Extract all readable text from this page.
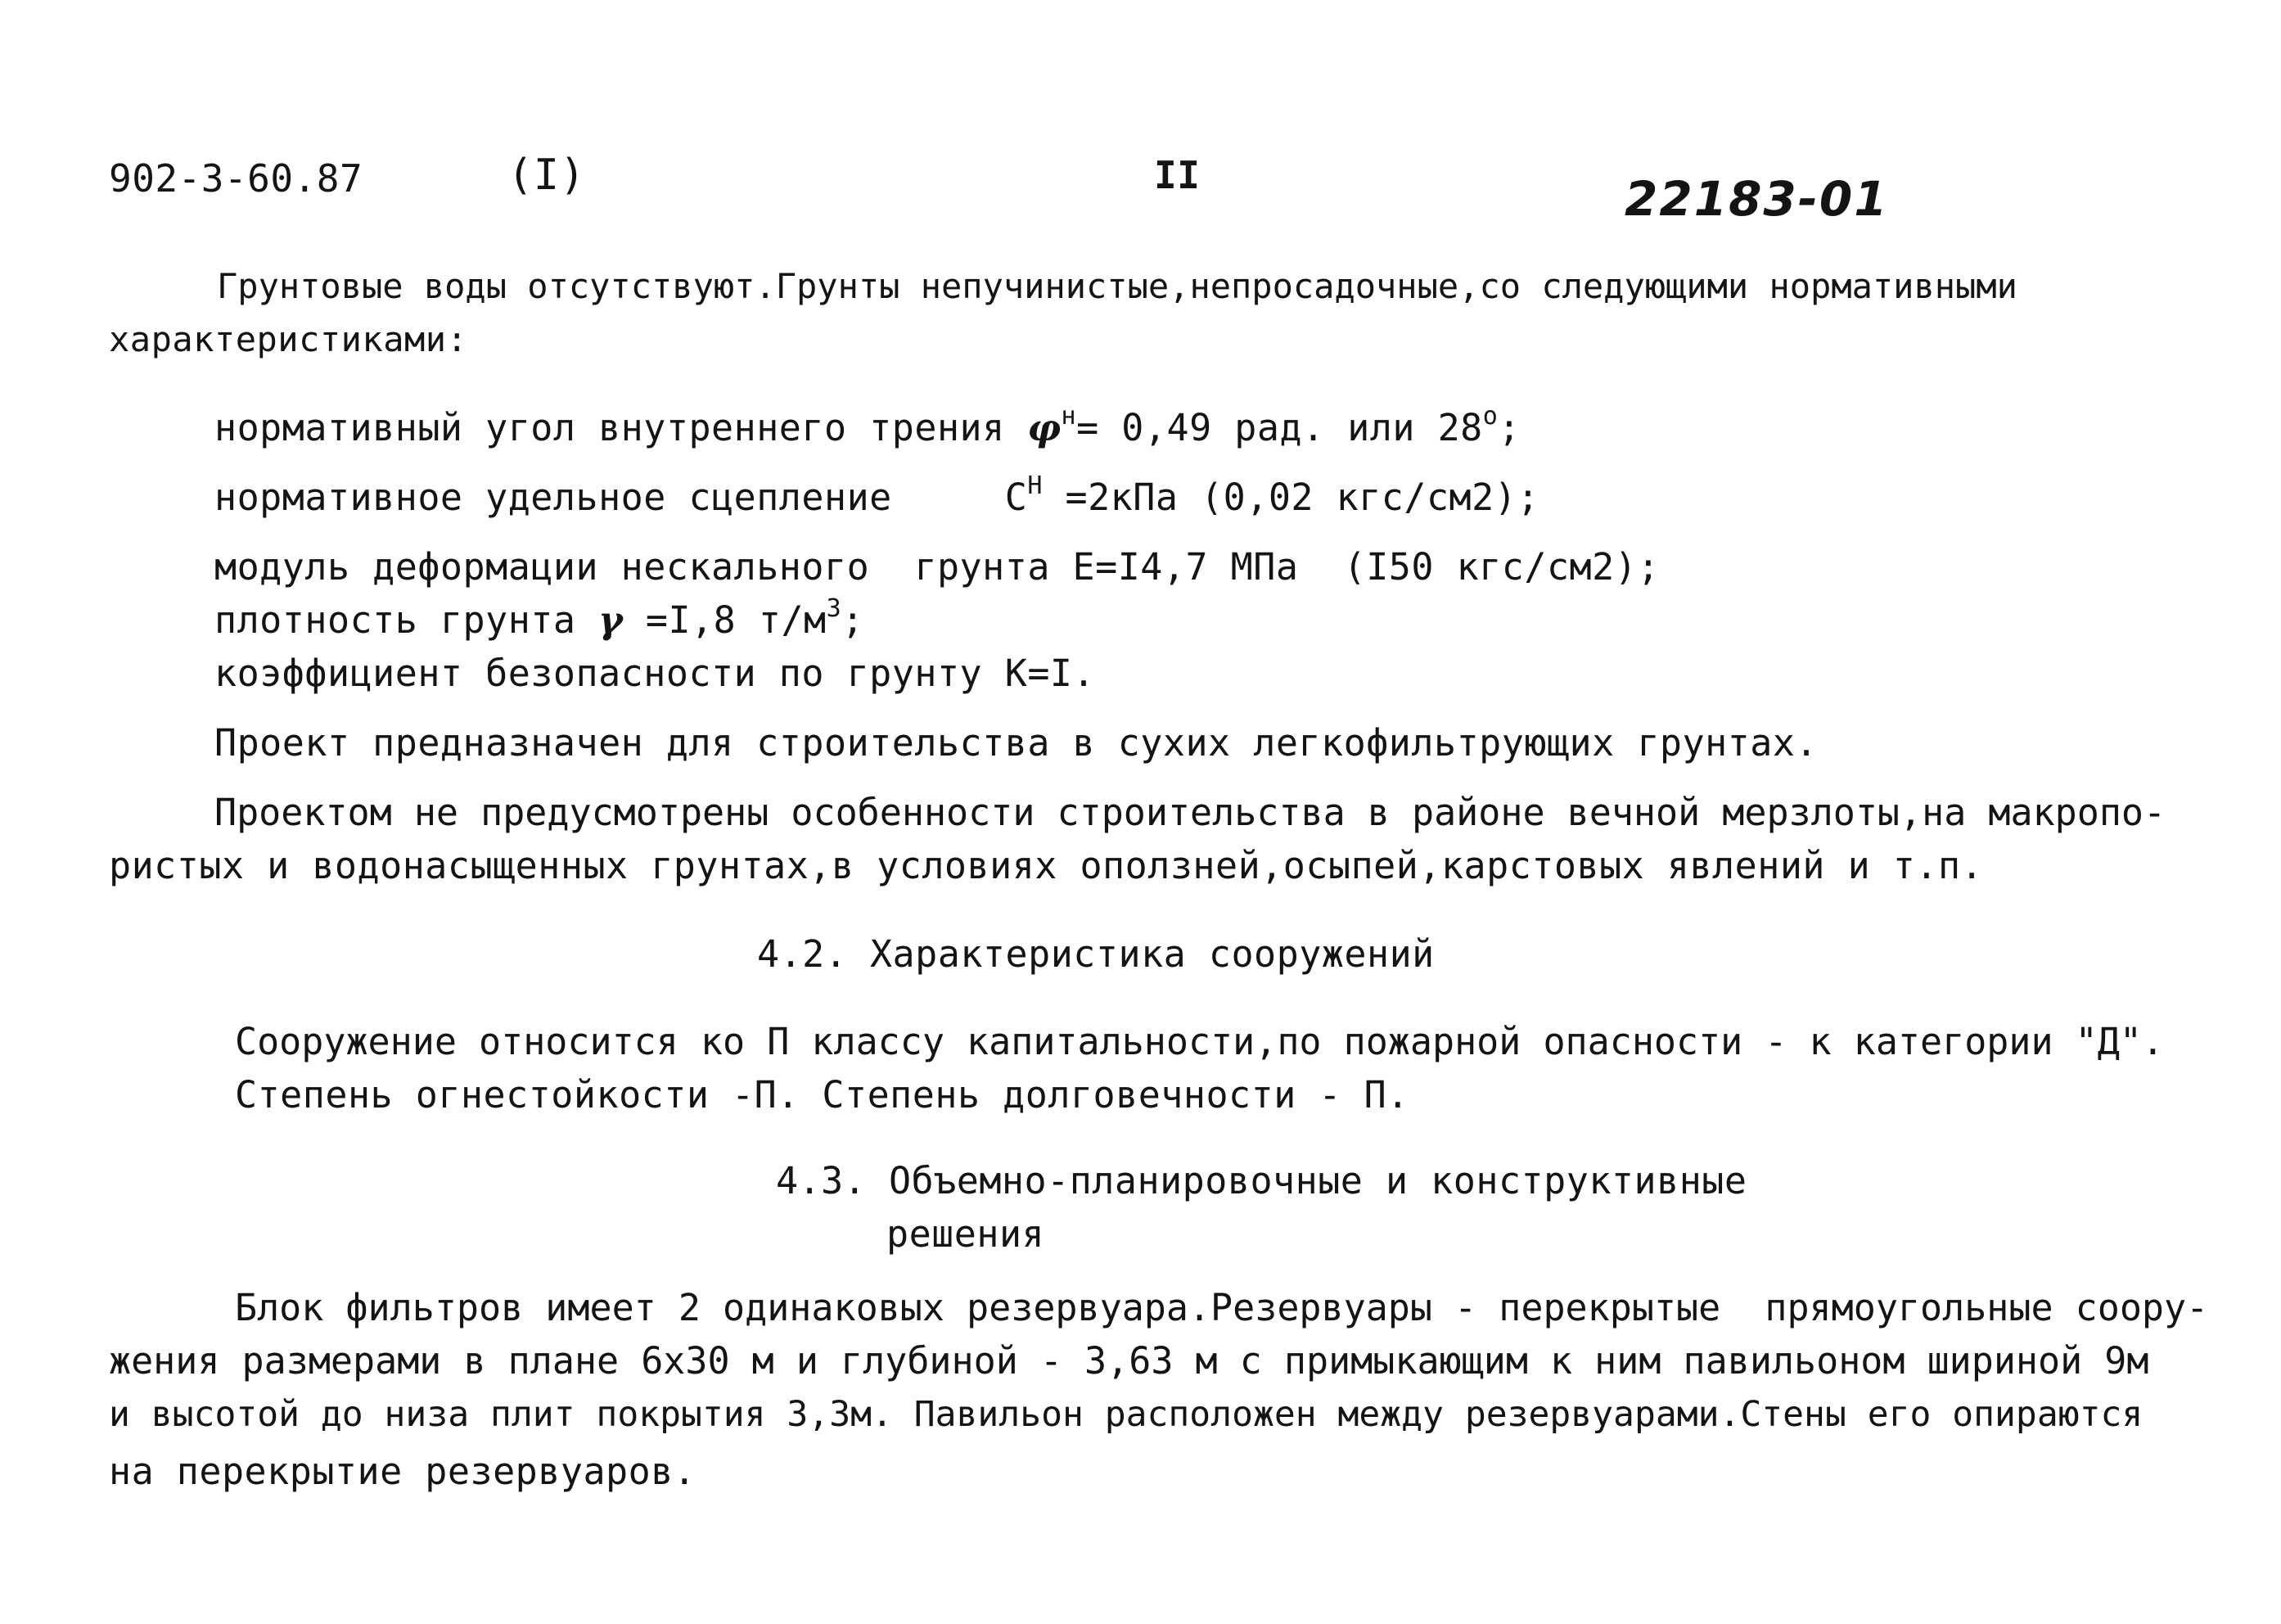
902-3-60.87	(I)	II	22183-01
Грунтовые воды отсутствуют.Грунты непучинистые,непросадочные,со следующими нормативными
характеристиками:
нормативный угол внутреннего трения $\varphi^н= 0,49$ рад. или 28$^o$;
нормативное удельное сцепление     $С^Н =2кПа$ (0,02 кгс/см2);
модуль деформации нескального  грунта Е=I4,7 МПа  (I50 кгс/см2);
плотность грунта γ =I,8 $т/м^3$;
коэффициент безопасности по грунту К=I.
Проект предназначен для строительства в сухих легкофильтрующих грунтах.
Проектом не предусмотрены особенности строительства в районе вечной мерзлоты,на макропо-
ристых и водонасыщенных грунтах,в условиях оползней,осыпей,карстовых явлений и т.п.
4.2. Характеристика сооружений
Сооружение относится ко П классу капитальности,по пожарной опасности - к категории "Д".
Степень огнестойкости -П. Степень долговечности - П.
4.3. Объемно-планировочные и конструктивные
решения
Блок фильтров имеет 2 одинаковых резервуара.Резервуары - перекрытые  прямоугольные соору-
жения размерами в плане 6х30 м и глубиной - 3,63 м с примыкающим к ним павильоном шириной 9м
и высотой до низа плит покрытия 3,3м. Павильон расположен между резервуарами.Стены его опираются
на перекрытие резервуаров.
